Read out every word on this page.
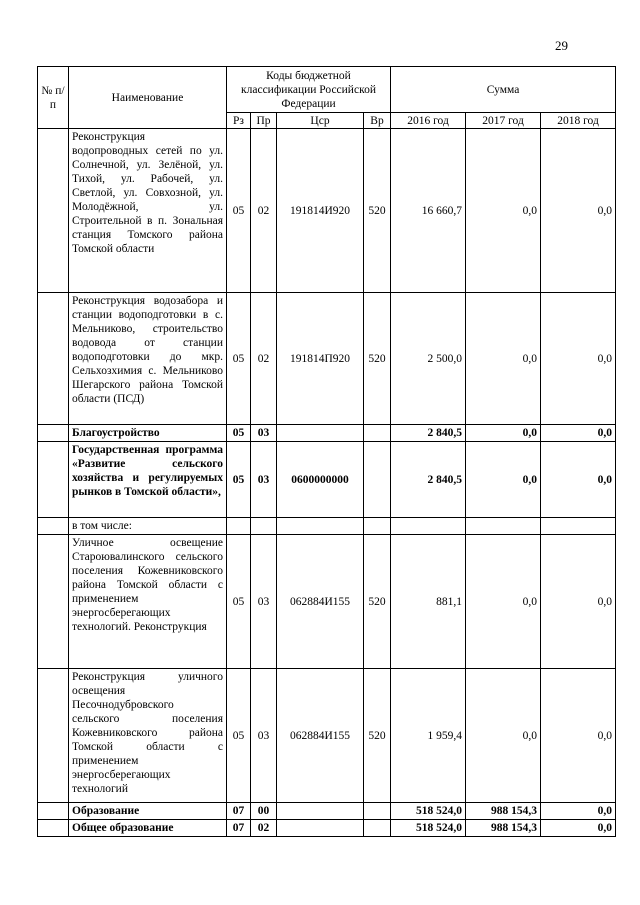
29
№ п/п	Наименование	Коды бюджетной классификации Российской Федерации				Сумма		
		Рз	Пр	Цср	Вр	2016 год	2017 год	2018 год
	Реконструкция водопроводных сетей по ул. Солнечной, ул. Зелёной, ул. Тихой, ул. Рабочей, ул. Светлой, ул. Совхозной, ул. Молодёжной, ул. Строительной в п. Зональная станция Томского района Томской области	05	02	191814И920	520	16 660,7	0,0	0,0
	Реконструкция водозабора и станции водоподготовки в с. Мельниково, строительство водовода от станции водоподготовки до мкр. Сельхозхимия с. Мельниково Шегарского района Томской области (ПСД)	05	02	191814П920	520	2 500,0	0,0	0,0
	Благоустройство	05	03			2 840,5	0,0	0,0
	Государственная программа «Развитие сельского хозяйства и регулируемых рынков в Томской области»,	05	03	0600000000		2 840,5	0,0	0,0
	в том числе:							
	Уличное освещение Староювалинского сельского поселения Кожевниковского района Томской области с применением энергосберегающих технологий. Реконструкция	05	03	062884И155	520	881,1	0,0	0,0
	Реконструкция уличного освещения Песочнодубровского сельского поселения Кожевниковского района Томской области с применением энергосберегающих технологий	05	03	062884И155	520	1 959,4	0,0	0,0
	Образование	07	00			518 524,0	988 154,3	0,0
	Общее образование	07	02			518 524,0	988 154,3	0,0
